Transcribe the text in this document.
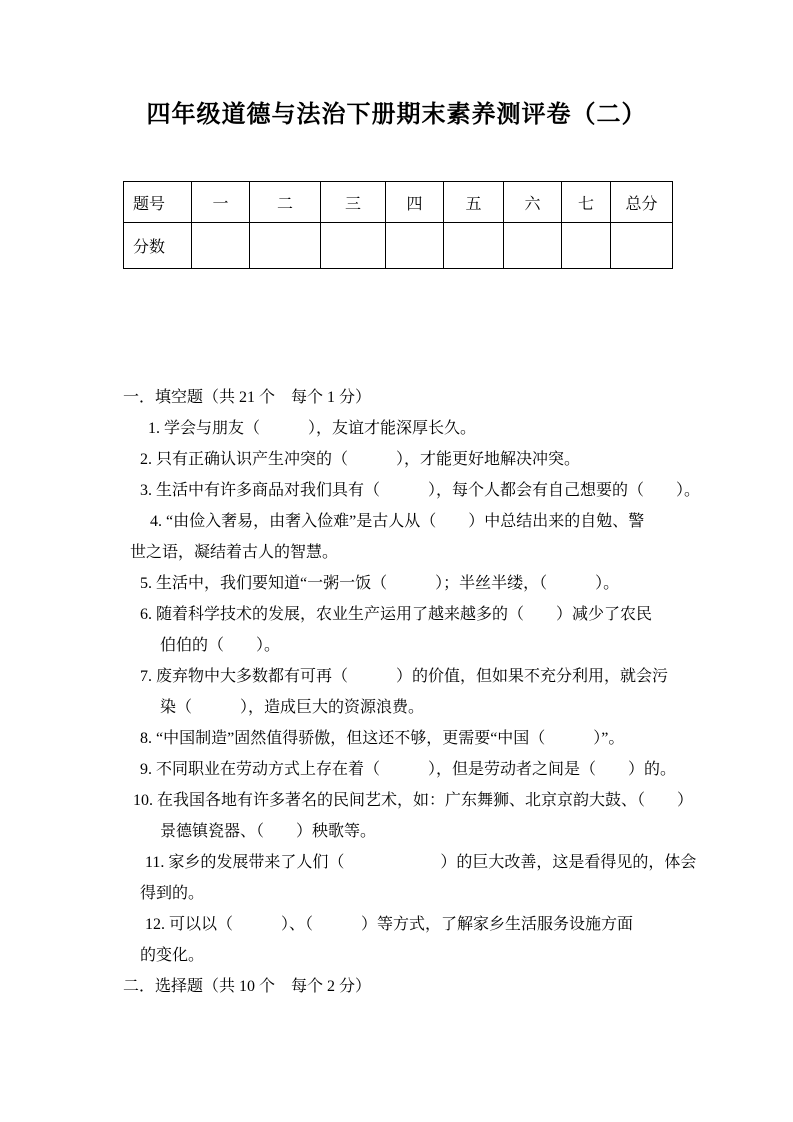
四年级道德与法治下册期末素养测评卷（二）
题号	一	二	三	四	五	六	七	总分
分数								
一．填空题（共 21 个　每个 1 分）
1. 学会与朋友（　　　），友谊才能深厚长久。
2. 只有正确认识产生冲突的（　　　），才能更好地解决冲突。
3. 生活中有许多商品对我们具有（　　　），每个人都会有自己想要的（　　）。
4. “由俭入奢易，由奢入俭难”是古人从（　　）中总结出来的自勉、警
世之语，凝结着古人的智慧。
5. 生活中，我们要知道“一粥一饭（　　　）；半丝半缕，（　　　）。
6. 随着科学技术的发展，农业生产运用了越来越多的（　　）减少了农民
伯伯的（　　）。
7. 废弃物中大多数都有可再（　　　）的价值，但如果不充分利用，就会污
染（　　　），造成巨大的资源浪费。
8. “中国制造”固然值得骄傲，但这还不够，更需要“中国（　　　）”。
9. 不同职业在劳动方式上存在着（　　　），但是劳动者之间是（　　）的。
10. 在我国各地有许多著名的民间艺术，如：广东舞狮、北京京韵大鼓、（　　）
景德镇瓷器、（　　）秧歌等。
11. 家乡的发展带来了人们（　　　　　　）的巨大改善，这是看得见的，体会
得到的。
12. 可以以（　　　）、（　　　）等方式，了解家乡生活服务设施方面
的变化。
二．选择题（共 10 个　每个 2 分）
